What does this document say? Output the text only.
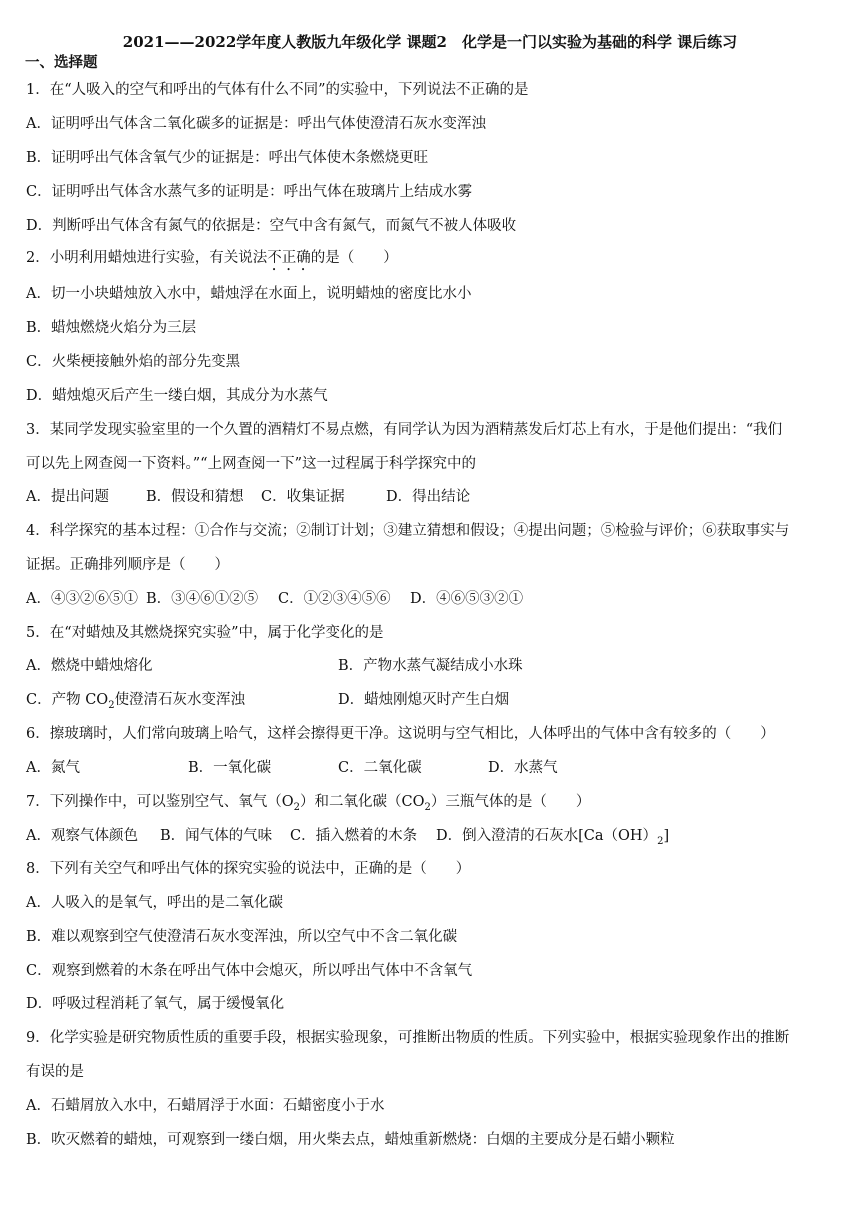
2021——2022学年度人教版九年级化学 课题2　化学是一门以实验为基础的科学 课后练习
一、选择题
1．在“人吸入的空气和呼出的气体有什么不同”的实验中，下列说法不正确的是
A．证明呼出气体含二氧化碳多的证据是：呼出气体使澄清石灰水变浑浊
B．证明呼出气体含氧气少的证据是：呼出气体使木条燃烧更旺
C．证明呼出气体含水蒸气多的证明是：呼出气体在玻璃片上结成水雾
D．判断呼出气体含有氮气的依据是：空气中含有氮气，而氮气不被人体吸收
2．小明利用蜡烛进行实验，有关说法不正确的是（　　）
A．切一小块蜡烛放入水中，蜡烛浮在水面上，说明蜡烛的密度比水小
B．蜡烛燃烧火焰分为三层
C．火柴梗接触外焰的部分先变黑
D．蜡烛熄灭后产生一缕白烟，其成分为水蒸气
3．某同学发现实验室里的一个久置的酒精灯不易点燃，有同学认为因为酒精蒸发后灯芯上有水，于是他们提出：“我们
可以先上网查阅一下资料。”“上网查阅一下”这一过程属于科学探究中的
A．提出问题	B．假设和猜想 C．收集证据	D．得出结论
4．科学探究的基本过程：①合作与交流；②制订计划；③建立猜想和假设；④提出问题；⑤检验与评价；⑥获取事实与
证据。正确排列顺序是（　　）
A．④③②⑥⑤① B．③④⑥①②⑤ C．①②③④⑤⑥ D．④⑥⑤③②①
5．在“对蜡烛及其燃烧探究实验”中，属于化学变化的是
A．燃烧中蜡烛熔化	B．产物水蒸气凝结成小水珠
C．产物 $CO_2$使澄清石灰水变浑浊	D．蜡烛刚熄灭时产生白烟
6．擦玻璃时，人们常向玻璃上哈气，这样会擦得更干净。这说明与空气相比，人体呼出的气体中含有较多的（　　）
A．氮气	B．一氧化碳	C．二氧化碳	D．水蒸气
7．下列操作中，可以鉴别空气、氧气$(O_2)$和二氧化碳$(CO_2)$三瓶气体的是（　　）
A．观察气体颜色 B．闻气体的气味 C．插入燃着的木条 D．倒入澄清的石灰水$[Ca(OH)_2]$
8．下列有关空气和呼出气体的探究实验的说法中，正确的是（　　）
A．人吸入的是氧气，呼出的是二氧化碳
B．难以观察到空气使澄清石灰水变浑浊，所以空气中不含二氧化碳
C．观察到燃着的木条在呼出气体中会熄灭，所以呼出气体中不含氧气
D．呼吸过程消耗了氧气，属于缓慢氧化
9．化学实验是研究物质性质的重要手段，根据实验现象，可推断出物质的性质。下列实验中，根据实验现象作出的推断
有误的是
A．石蜡屑放入水中，石蜡屑浮于水面：石蜡密度小于水
B．吹灭燃着的蜡烛，可观察到一缕白烟，用火柴去点，蜡烛重新燃烧：白烟的主要成分是石蜡小颗粒
